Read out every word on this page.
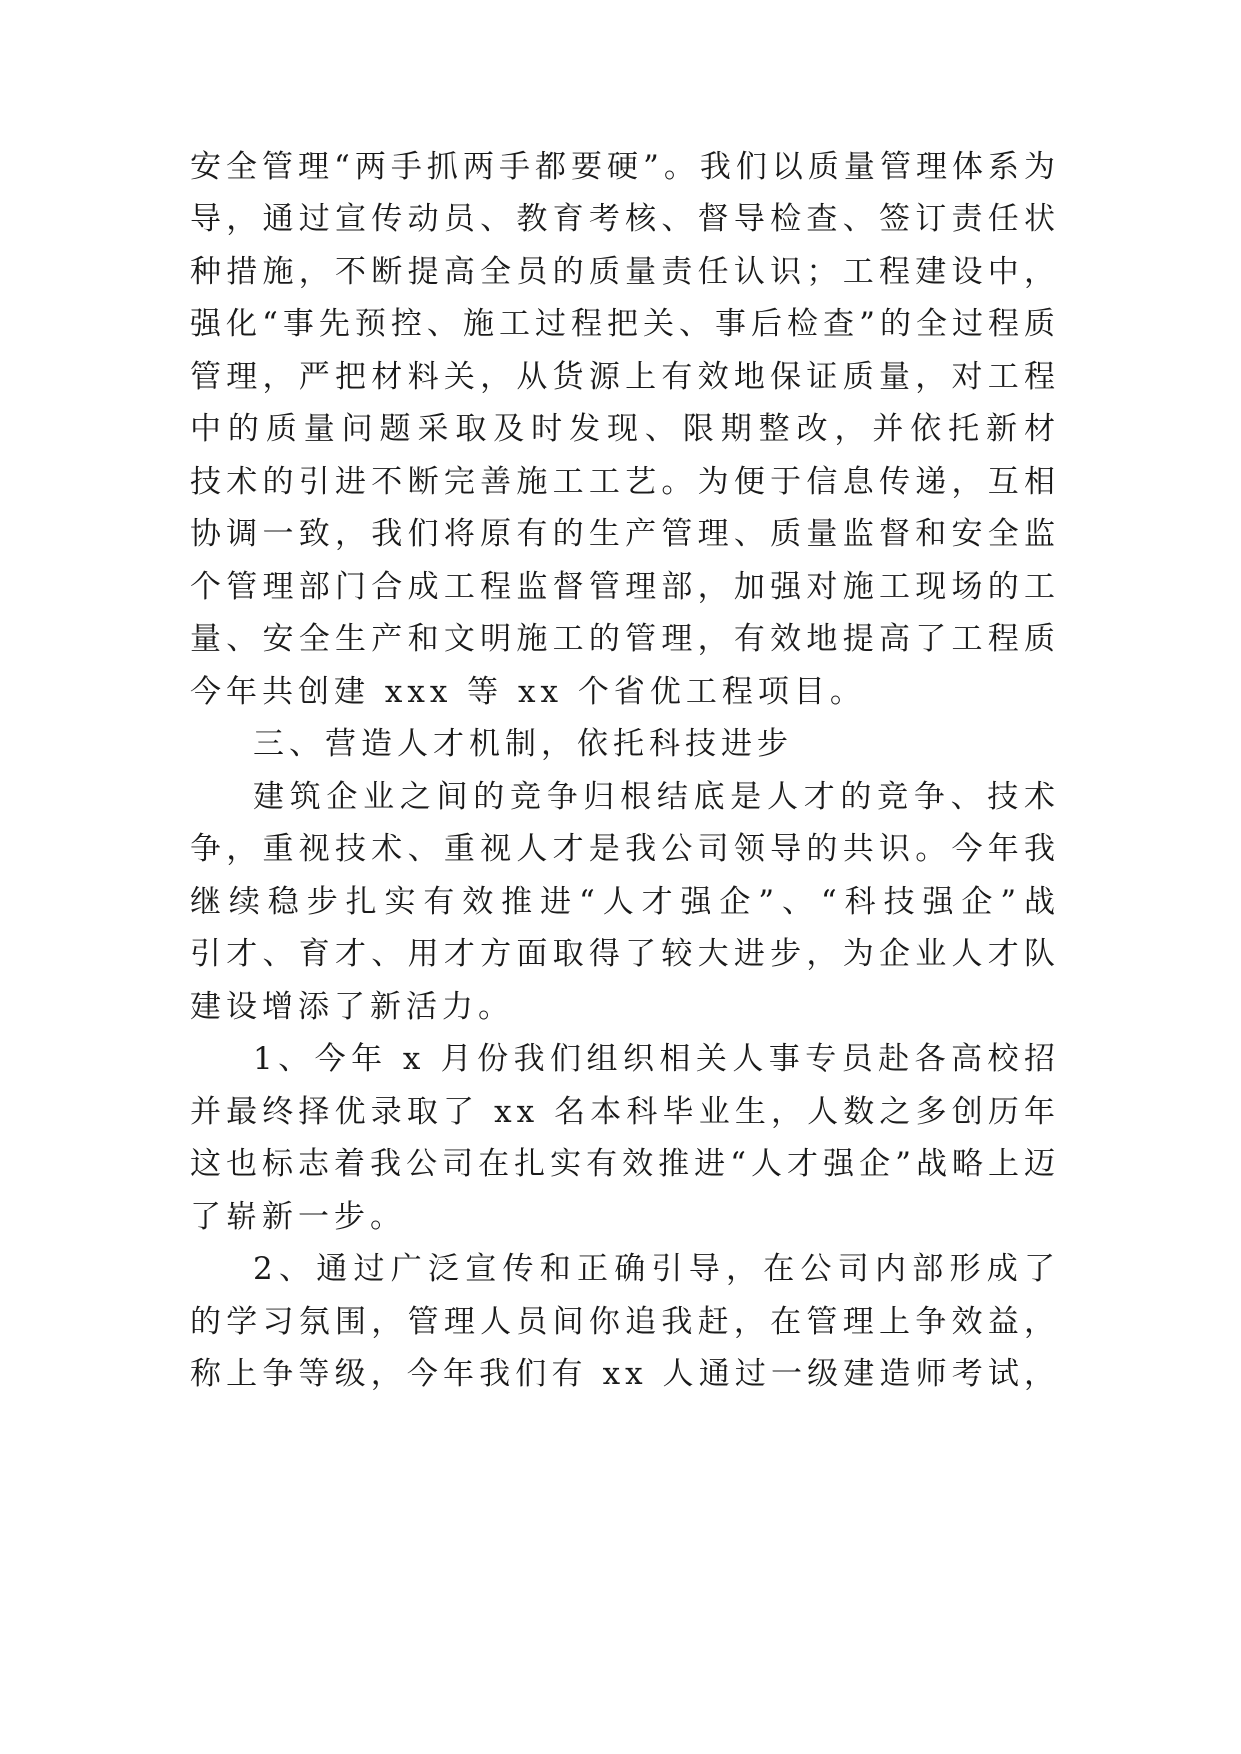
安全管理“两手抓两手都要硬”。我们以质量管理体系为
导，通过宣传动员、教育考核、督导检查、签订责任状
种措施，不断提高全员的质量责任认识；工程建设中，
强化“事先预控、施工过程把关、事后检查”的全过程质
管理，严把材料关，从货源上有效地保证质量，对工程
中的质量问题采取及时发现、限期整改，并依托新材
技术的引进不断完善施工工艺。为便于信息传递，互相
协调一致，我们将原有的生产管理、质量监督和安全监
个管理部门合成工程监督管理部，加强对施工现场的工
量、安全生产和文明施工的管理，有效地提高了工程质
今年共创建 xxx 等 xx 个省优工程项目。
三、营造人才机制，依托科技进步
建筑企业之间的竞争归根结底是人才的竞争、技术
争，重视技术、重视人才是我公司领导的共识。今年我
继续稳步扎实有效推进“人才强企”、“科技强企”战
引才、育才、用才方面取得了较大进步，为企业人才队
建设增添了新活力。
1、今年 x 月份我们组织相关人事专员赴各高校招
并最终择优录取了 xx 名本科毕业生，人数之多创历年
这也标志着我公司在扎实有效推进“人才强企”战略上迈
了崭新一步。
2、通过广泛宣传和正确引导，在公司内部形成了
的学习氛围，管理人员间你追我赶，在管理上争效益，
称上争等级，今年我们有 xx 人通过一级建造师考试，
